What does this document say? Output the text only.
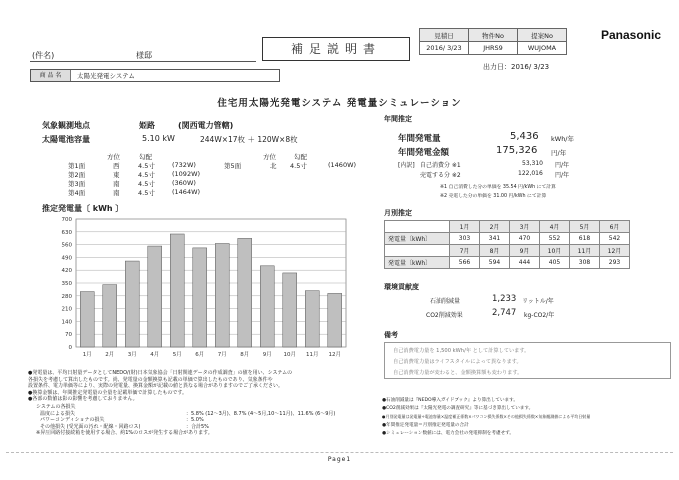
(件名)	様邸
商 品 名	太陽光発電システム
補足説明書
見積日	物件No	提案No
2016/ 3/23	JHRS9	WUJOMA
出力日：2016/ 3/23
Panasonic
住宅用太陽光発電システム 発電量シミュレーション
気象観測地点	姫路	(関西電力管轄)
太陽電池容量	5.10 kW	244W×17枚 ＋ 120W×8枚
方位	勾配	方位	勾配
第1面	西	4.5寸	(732W)
第2面	東	4.5寸	(1092W)
第3面	南	4.5寸	(360W)
第4面	南	4.5寸	(1464W)
第5面	北 4.5寸	(1460W)
推定発電量〔 kWh 〕
0
70
140
210
280
350
420
490
560
630
700
1月 2月 3月 4月 5月 6月 7月 8月 9月 10月 11月 12月
●発電量は、平均日射量データとしてNEDO/(財)日本気象協会「日射関連データの作成調査」の値を用い、システムの
各損失を考慮して算出したものです。尚、発電量の金額換算も記載の単価で算出したものであり、気象条件や
設置条件、電力単価等により、実際の発電量、換算金額が記載の値と異なる場合がありますのでご了承ください。
●換算金額は、年間推定発電量の全量を記載単価で計算したものです。
●各部の数値は影の影響を考慮しておりません。
システムの各損失
温度による損失	：5.8% (12〜3月)、8.7% (4〜5月,10〜11月)、11.6% (6〜9月)
パワーコンディショナの損失	：5.0%
その他損失 (受光面の汚れ・配線・回路ロス)	：合計5%
※昇圧回路付接続箱を使用する場合、約1%のロスが発生する場合があります。
年間推定
年間発電量	5,436 kWh/年
年間発電金額	175,326 円/年
[内訳] 自己消費分 ※1	53,310 円/年
売電する分 ※2	122,016 円/年
※1 自己消費した分の単価を 35.54 円/kWh にて計算
※2 売電した分の単価を 31.00 円/kWh にて計算
月別推定
	1月	2月	3月	4月	5月	6月
発電量〔kWh〕	303	341	470	552	618	542
	7月	8月	9月	10月	11月	12月
発電量〔kWh〕	566	594	444	405	308	293
環境貢献度
石油削減量	1,233 リットル/年
CO2削減効果	2,747 kg-CO2/年
備考
自己消費電力量を 1,500 kWh/年 として計算しています。
自己消費電力量はライフスタイルによって異なります。
自己消費電力量が変わると、金額換算額も変わります。
●石油削減量は『NEDO導入ガイドブック』より算出しています。
●CO2削減効果は『太陽光発電の調査研究』等に基づき算出しています。
●月別発電量は発電量÷電池容量×温度補正係数×パワコン損失係数×その他損失係数×気象観測値による平均日射量
●年間推定発電量＝月別推定発電量の合計
●シミュレーション数値には、電力会社の発電抑制を考慮せず。
Page1
